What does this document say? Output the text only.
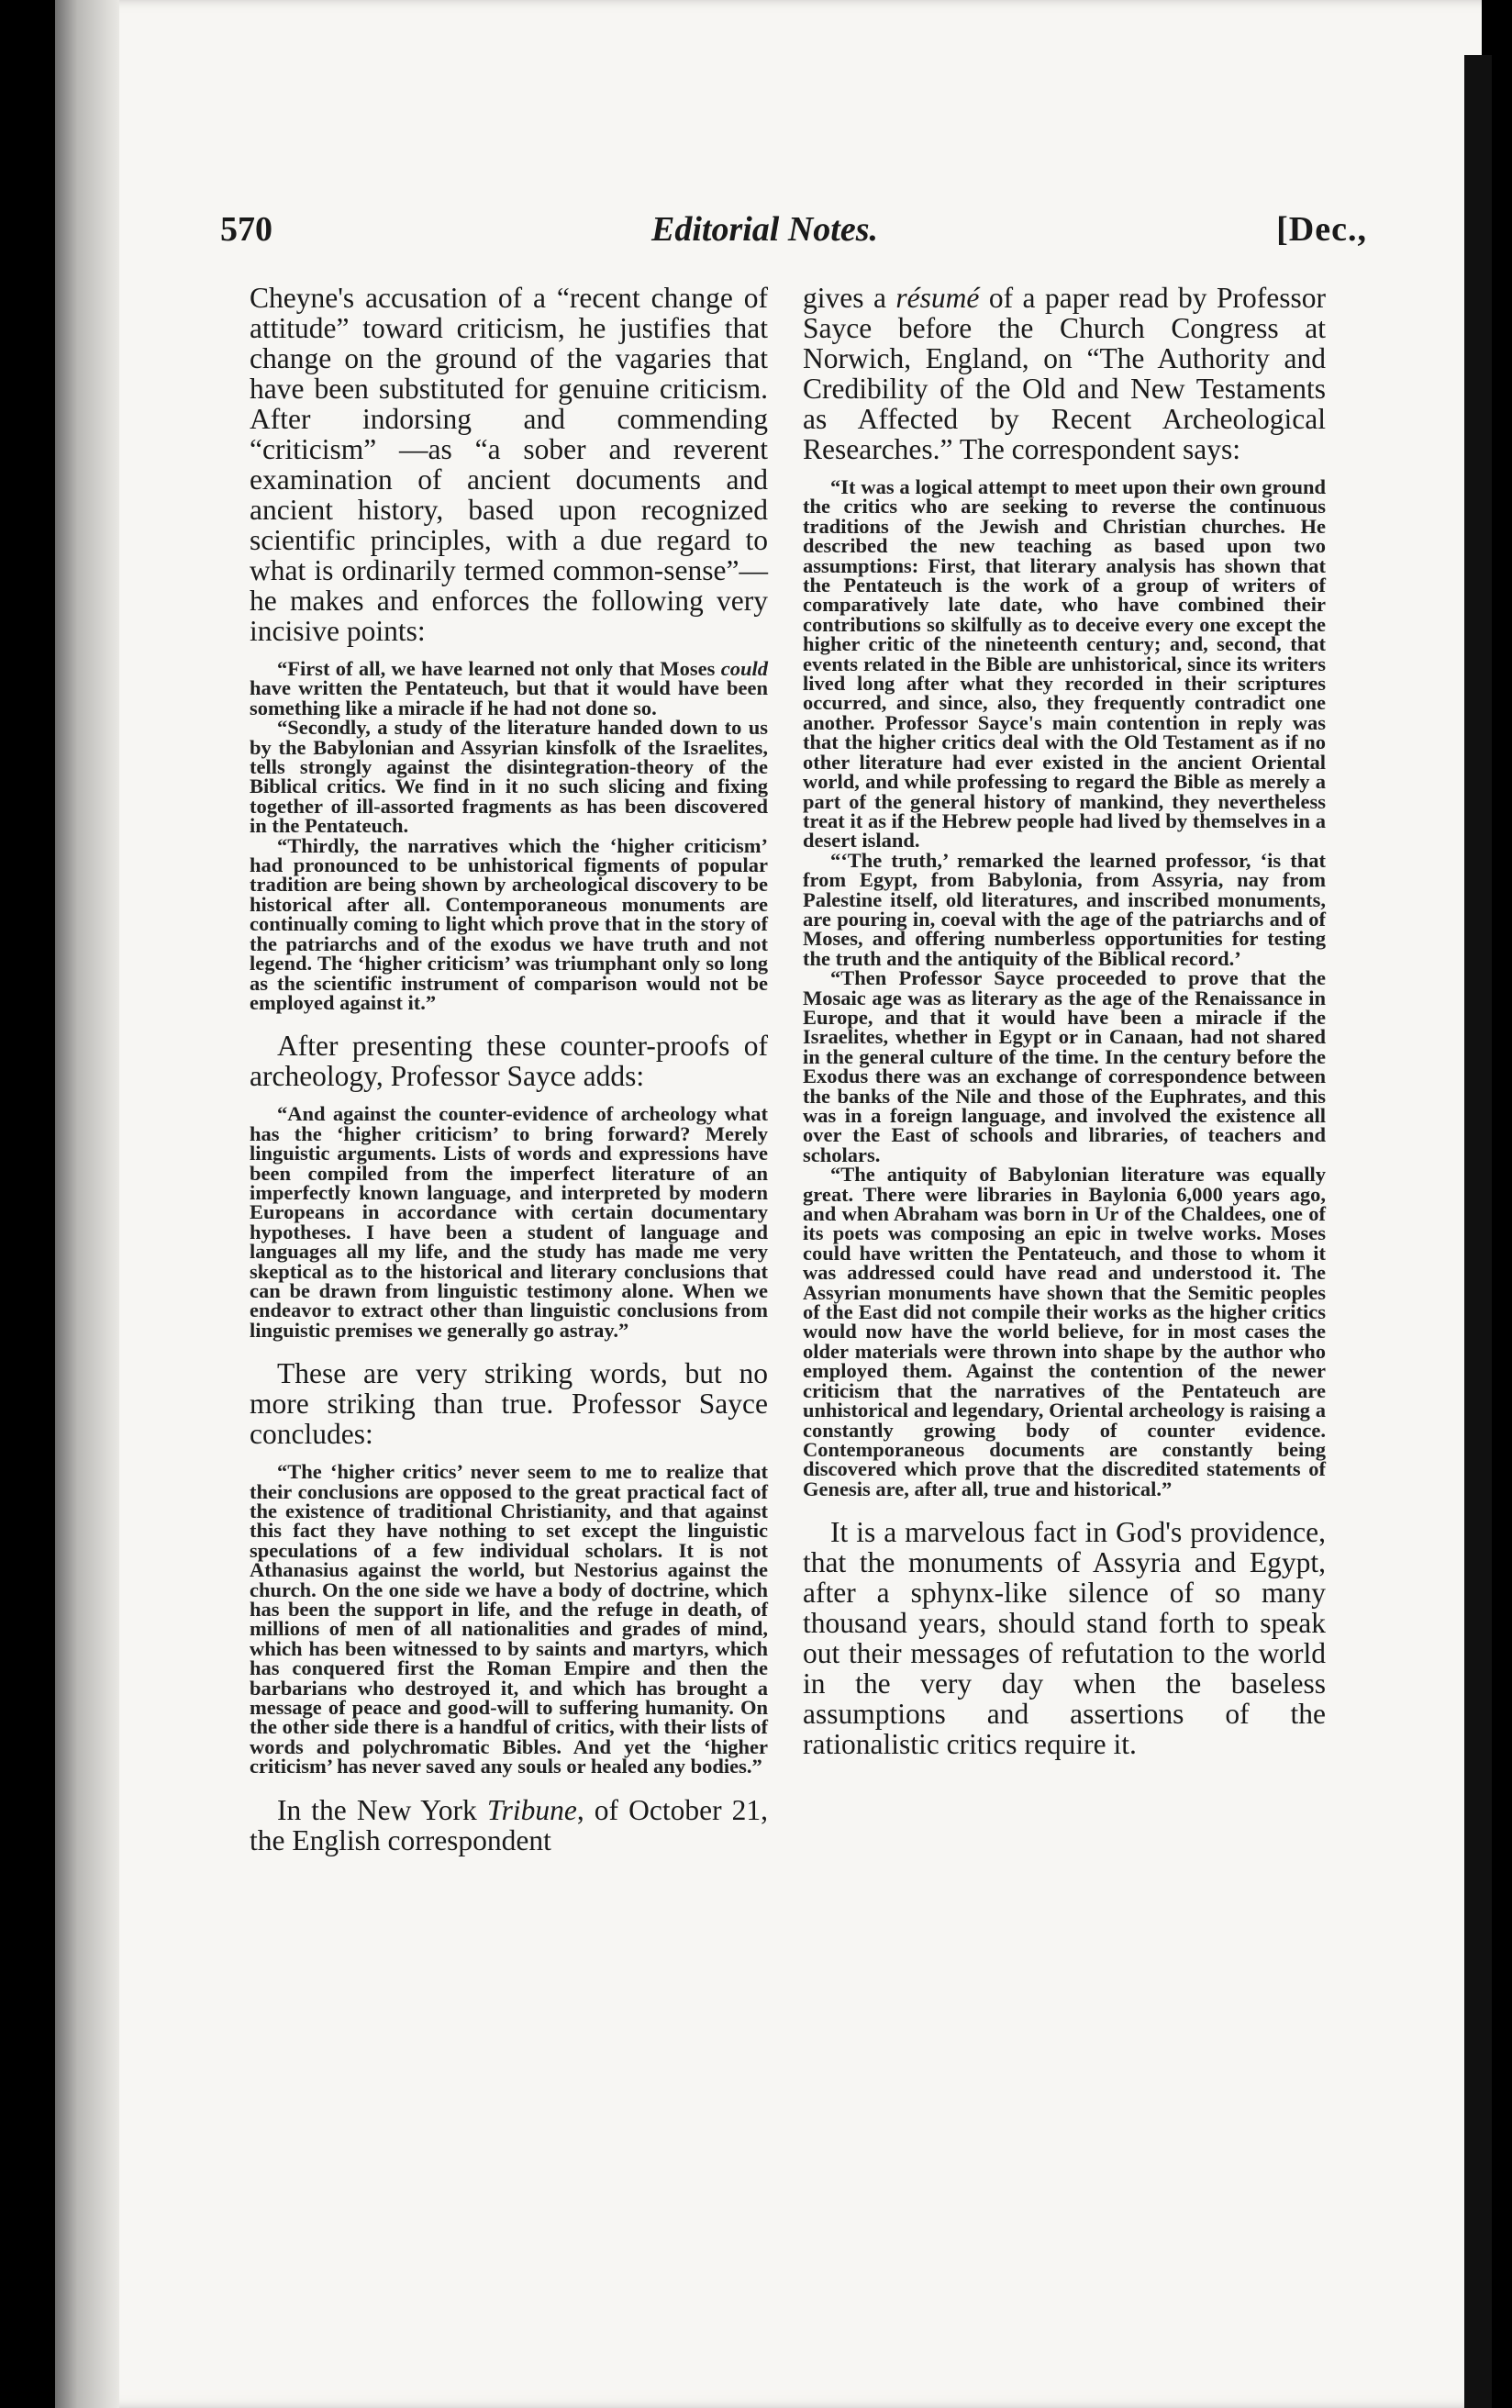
570	Editorial Notes.	[Dec.,

Cheyne's accusation of a “recent change of attitude” toward criticism, he justifies that change on the ground of the vagaries that have been substituted for genuine criticism. After indorsing and commending “criticism” —as “a sober and reverent examination of ancient documents and ancient history, based upon recognized scientific principles, with a due regard to what is ordinarily termed common-sense”— he makes and enforces the following very incisive points:

“First of all, we have learned not only that Moses could have written the Pentateuch, but that it would have been something like a miracle if he had not done so.

“Secondly, a study of the literature handed down to us by the Babylonian and Assyrian kinsfolk of the Israelites, tells strongly against the disintegration-theory of the Biblical critics. We find in it no such slicing and fixing together of ill-assorted fragments as has been discovered in the Pentateuch.

“Thirdly, the narratives which the ‘higher criticism’ had pronounced to be unhistorical figments of popular tradition are being shown by archeological discovery to be historical after all. Contemporaneous monuments are continually coming to light which prove that in the story of the patriarchs and of the exodus we have truth and not legend. The ‘higher criticism’ was triumphant only so long as the scientific instrument of comparison would not be employed against it.”

After presenting these counter-proofs of archeology, Professor Sayce adds:

“And against the counter-evidence of archeology what has the ‘higher criticism’ to bring forward? Merely linguistic arguments. Lists of words and expressions have been compiled from the imperfect literature of an imperfectly known language, and interpreted by modern Europeans in accordance with certain documentary hypotheses. I have been a student of language and languages all my life, and the study has made me very skeptical as to the historical and literary conclusions that can be drawn from linguistic testimony alone. When we endeavor to extract other than linguistic conclusions from linguistic premises we generally go astray.”

These are very striking words, but no more striking than true. Professor Sayce concludes:

“The ‘higher critics’ never seem to me to realize that their conclusions are opposed to the great practical fact of the existence of traditional Christianity, and that against this fact they have nothing to set except the linguistic speculations of a few individual scholars. It is not Athanasius against the world, but Nestorius against the church. On the one side we have a body of doctrine, which has been the support in life, and the refuge in death, of millions of men of all nationalities and grades of mind, which has been witnessed to by saints and martyrs, which has conquered first the Roman Empire and then the barbarians who destroyed it, and which has brought a message of peace and good-will to suffering humanity. On the other side there is a handful of critics, with their lists of words and polychromatic Bibles. And yet the ‘higher criticism’ has never saved any souls or healed any bodies.”

In the New York Tribune, of October 21, the English correspondent

gives a résumé of a paper read by Professor Sayce before the Church Congress at Norwich, England, on “The Authority and Credibility of the Old and New Testaments as Affected by Recent Archeological Researches.” The correspondent says:

“It was a logical attempt to meet upon their own ground the critics who are seeking to reverse the continuous traditions of the Jewish and Christian churches. He described the new teaching as based upon two assumptions: First, that literary analysis has shown that the Pentateuch is the work of a group of writers of comparatively late date, who have combined their contributions so skilfully as to deceive every one except the higher critic of the nineteenth century; and, second, that events related in the Bible are unhistorical, since its writers lived long after what they recorded in their scriptures occurred, and since, also, they frequently contradict one another. Professor Sayce's main contention in reply was that the higher critics deal with the Old Testament as if no other literature had ever existed in the ancient Oriental world, and while professing to regard the Bible as merely a part of the general history of mankind, they nevertheless treat it as if the Hebrew people had lived by themselves in a desert island.

“‘The truth,’ remarked the learned professor, ‘is that from Egypt, from Babylonia, from Assyria, nay from Palestine itself, old literatures, and inscribed monuments, are pouring in, coeval with the age of the patriarchs and of Moses, and offering numberless opportunities for testing the truth and the antiquity of the Biblical record.’

“Then Professor Sayce proceeded to prove that the Mosaic age was as literary as the age of the Renaissance in Europe, and that it would have been a miracle if the Israelites, whether in Egypt or in Canaan, had not shared in the general culture of the time. In the century before the Exodus there was an exchange of correspondence between the banks of the Nile and those of the Euphrates, and this was in a foreign language, and involved the existence all over the East of schools and libraries, of teachers and scholars.

“The antiquity of Babylonian literature was equally great. There were libraries in Baylonia 6,000 years ago, and when Abraham was born in Ur of the Chaldees, one of its poets was composing an epic in twelve works. Moses could have written the Pentateuch, and those to whom it was addressed could have read and understood it. The Assyrian monuments have shown that the Semitic peoples of the East did not compile their works as the higher critics would now have the world believe, for in most cases the older materials were thrown into shape by the author who employed them. Against the contention of the newer criticism that the narratives of the Pentateuch are unhistorical and legendary, Oriental archeology is raising a constantly growing body of counter evidence. Contemporaneous documents are constantly being discovered which prove that the discredited statements of Genesis are, after all, true and historical.”

It is a marvelous fact in God's providence, that the monuments of Assyria and Egypt, after a sphynx-like silence of so many thousand years, should stand forth to speak out their messages of refutation to the world in the very day when the baseless assumptions and assertions of the rationalistic critics require it.
